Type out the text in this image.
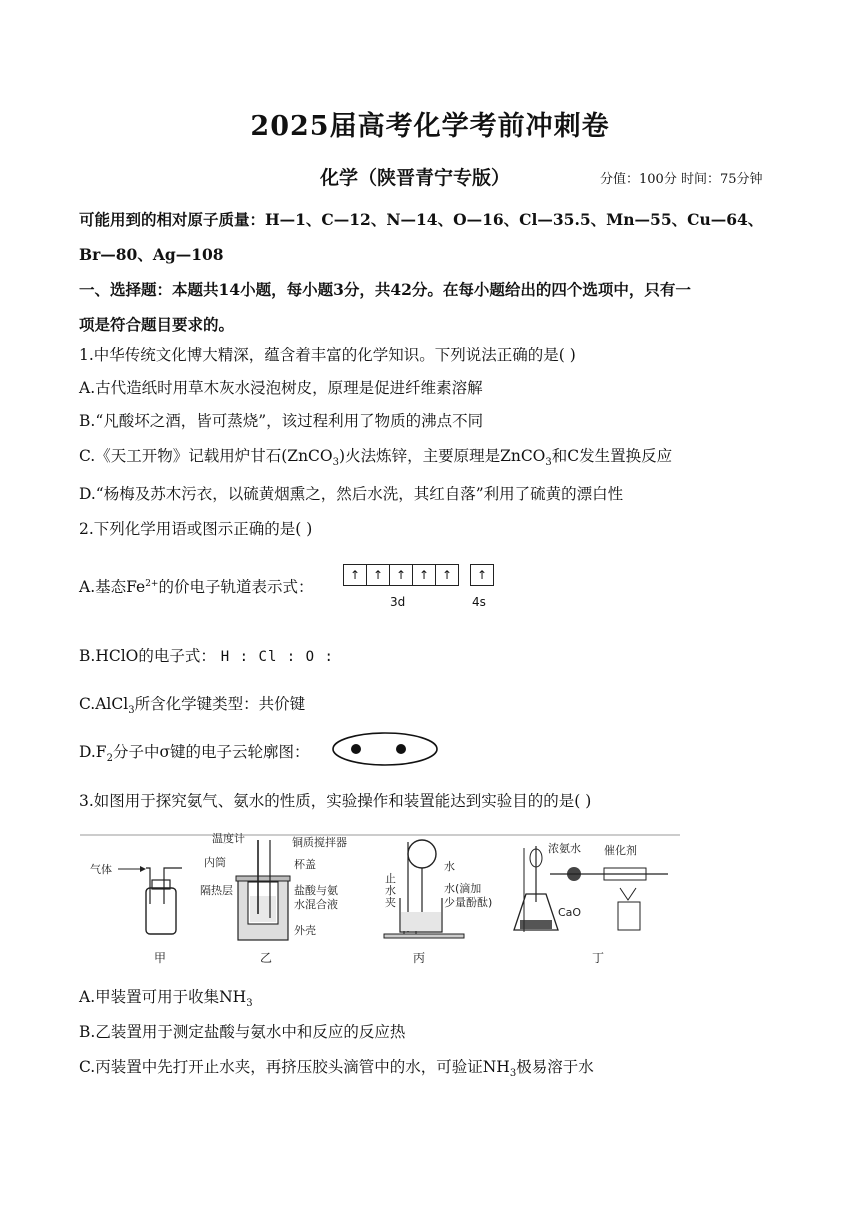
2025届高考化学考前冲刺卷
化学（陕晋青宁专版）	分值：100分 时间：75分钟
可能用到的相对原子质量：H—1、C—12、N—14、O—16、Cl—35.5、Mn—55、Cu—64、
Br—80、Ag—108
一、选择题：本题共14小题，每小题3分，共42分。在每小题给出的四个选项中，只有一
项是符合题目要求的。
1.中华传统文化博大精深，蕴含着丰富的化学知识。下列说法正确的是( )
A.古代造纸时用草木灰水浸泡树皮，原理是促进纤维素溶解
B.“凡酸坏之酒，皆可蒸烧”，该过程利用了物质的沸点不同
C.《天工开物》记载用炉甘石(ZnCO$_3$)火法炼锌，主要原理是ZnCO$_3$和C发生置换反应
D.“杨梅及苏木污衣，以硫黄烟熏之，然后水洗，其红自落”利用了硫黄的漂白性
2.下列化学用语或图示正确的是( )
A.基态$Fe^{2+}$的价电子轨道表示式：
↑	↑	↑	↑	↑	↑
3d	4s
B.HClO的电子式： H : Cl : O :
C.AlCl$_3$所含化学键类型：共价键
$D.F_2$分子中σ键的电子云轮廓图：
3.如图用于探究氨气、氨水的性质，实验操作和装置能达到实验目的的是( )
气体
甲
温度计	铜质搅拌器
内筒	杯盖
隔热层	盐酸与氨
水混合液
外壳
乙
止
水
夹
水
水(滴加
少量酚酞)
丙
浓氨水 催化剂
CaO
丁
A.甲装置可用于收集$NH_3$
B.乙装置用于测定盐酸与氨水中和反应的反应热
C.丙装置中先打开止水夹，再挤压胶头滴管中的水，可验证$NH_3$极易溶于水
